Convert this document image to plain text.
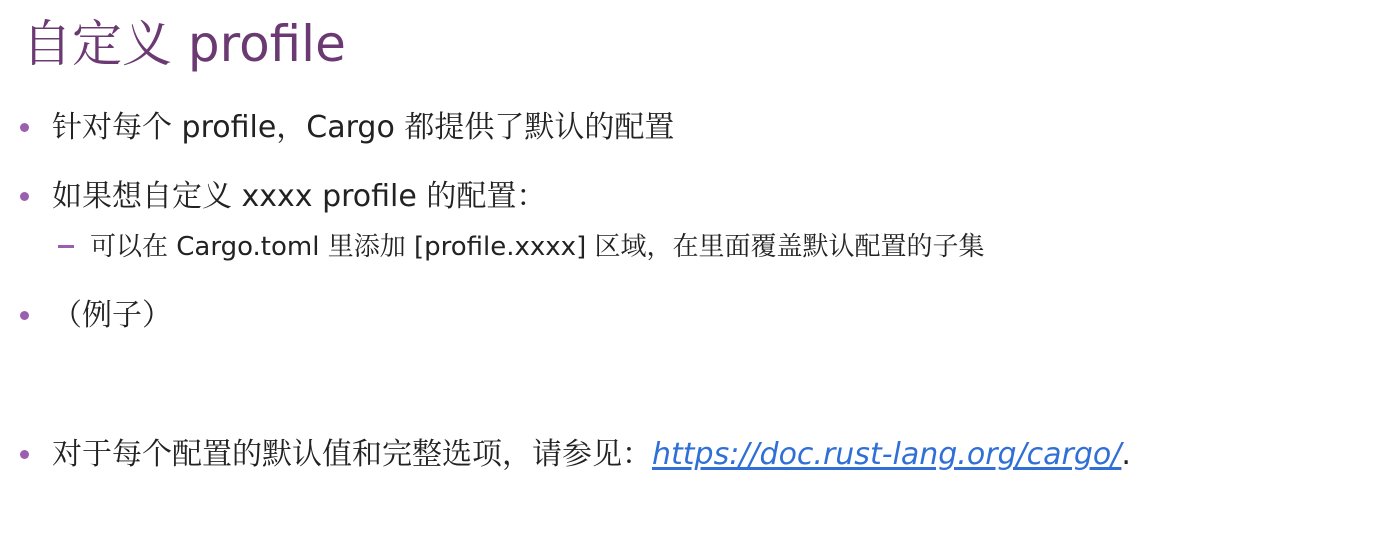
自定义 profile
针对每个 profile，Cargo 都提供了默认的配置
如果想自定义 xxxx profile 的配置：
可以在 Cargo.toml 里添加 [profile.xxxx] 区域，在里面覆盖默认配置的子集
（例子）
对于每个配置的默认值和完整选项，请参见：https://doc.rust-lang.org/cargo/.
